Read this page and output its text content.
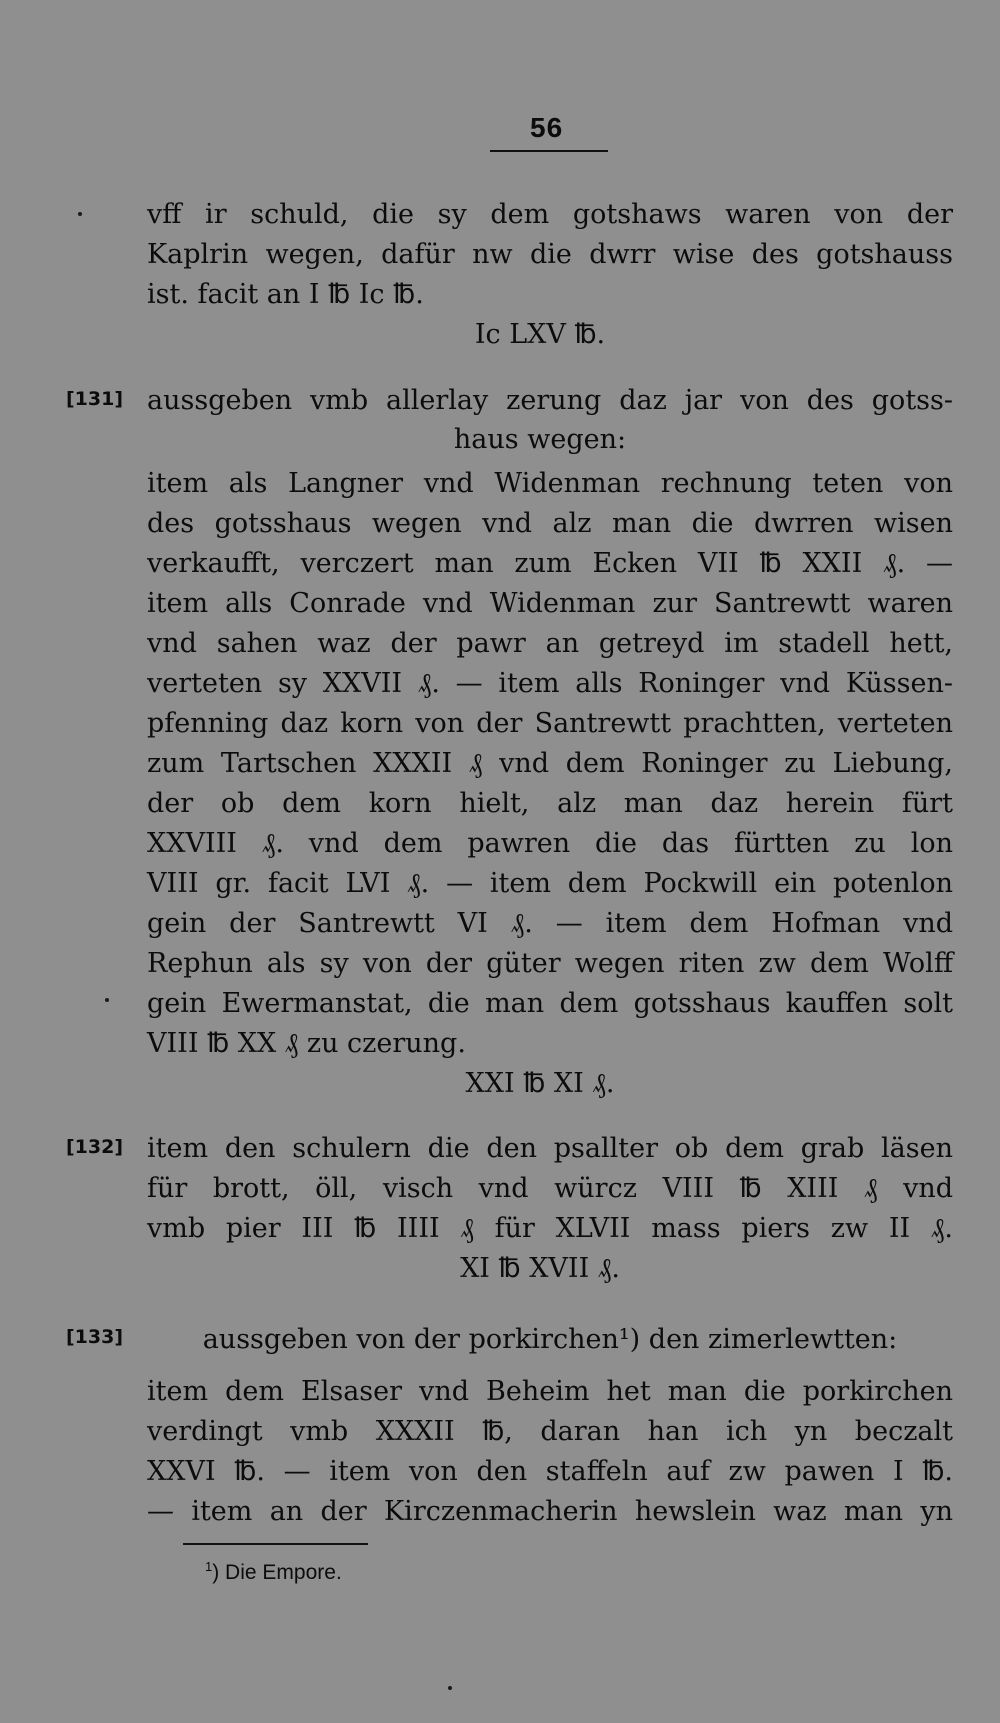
56
vff ir schuld, die sy dem gotshaws waren von der
Kaplrin wegen, dafür nw die dwrr wise des gotshauss
ist. facit an I ℔ Ic ℔.
Ic LXV ℔.
[131] aussgeben vmb allerlay zerung daz jar von des gotss-
haus wegen:
item als Langner vnd Widenman rechnung teten von
des gotsshaus wegen vnd alz man die dwrren wisen
verkaufft, verczert man zum Ecken VII ℔ XXII ₰. —
item alls Conrade vnd Widenman zur Santrewtt waren
vnd sahen waz der pawr an getreyd im stadell hett,
verteten sy XXVII ₰. — item alls Roninger vnd Küssen-
pfenning daz korn von der Santrewtt prachtten, verteten
zum Tartschen XXXII ₰ vnd dem Roninger zu Liebung,
der ob dem korn hielt, alz man daz herein fürt
XXVIII ₰. vnd dem pawren die das fürtten zu lon
VIII gr. facit LVI ₰. — item dem Pockwill ein potenlon
gein der Santrewtt VI ₰. — item dem Hofman vnd
Rephun als sy von der güter wegen riten zw dem Wolff
gein Ewermanstat, die man dem gotsshaus kauffen solt
VIII ℔ XX ₰ zu czerung.
XXI ℔ XI ₰.
[132] item den schulern die den psallter ob dem grab läsen
für brott, öll, visch vnd würcz VIII ℔ XIII ₰ vnd
vmb pier III ℔ IIII ₰ für XLVII mass piers zw II ₰.
XI ℔ XVII ₰.
[133]	aussgeben von der porkirchen¹) den zimerlewtten:
item dem Elsaser vnd Beheim het man die porkirchen
verdingt vmb XXXII ℔, daran han ich yn beczalt
XXVI ℔. — item von den staffeln auf zw pawen I ℔.
— item an der Kirczenmacherin hewslein waz man yn
$^1$) Die Empore.
